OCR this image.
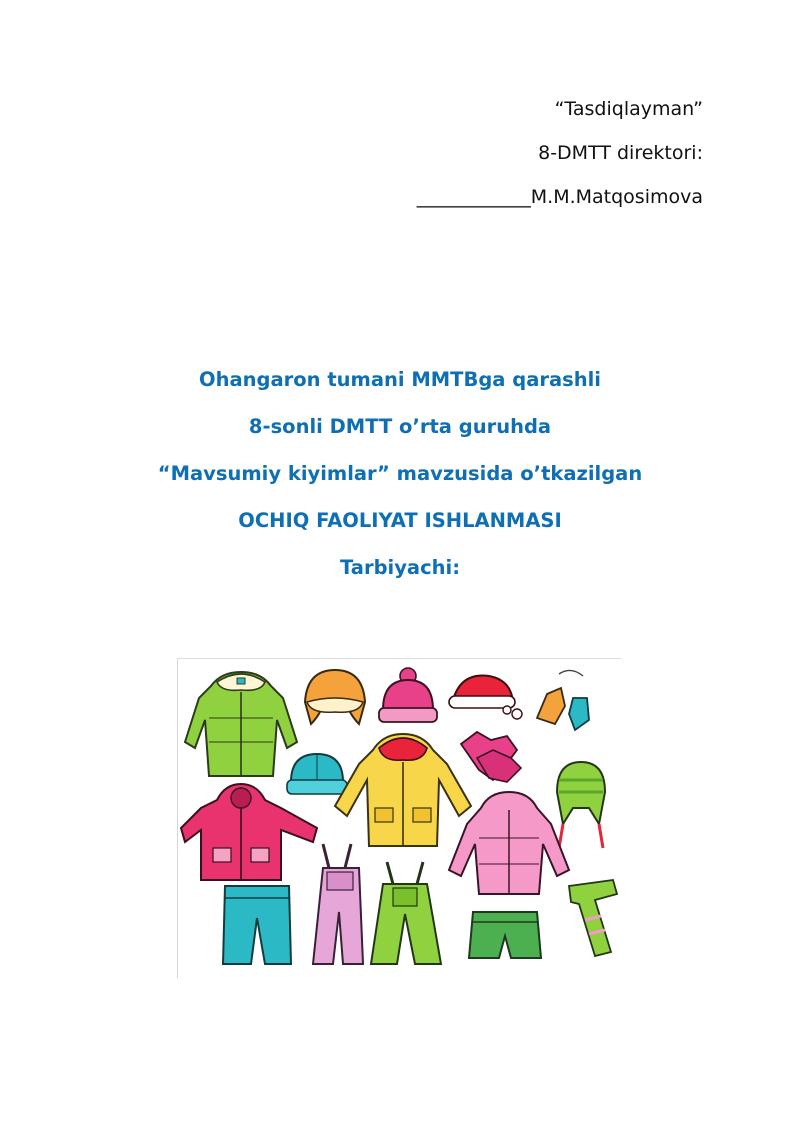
“Tasdiqlayman”
8-DMTT direktori:
____________M.M.Matqosimova
Ohangaron tumani MMTBga qarashli
8-sonli DMTT o’rta guruhda
“Mavsumiy kiyimlar” mavzusida o’tkazilgan
OCHIQ FAOLIYAT ISHLANMASI
Tarbiyachi:
